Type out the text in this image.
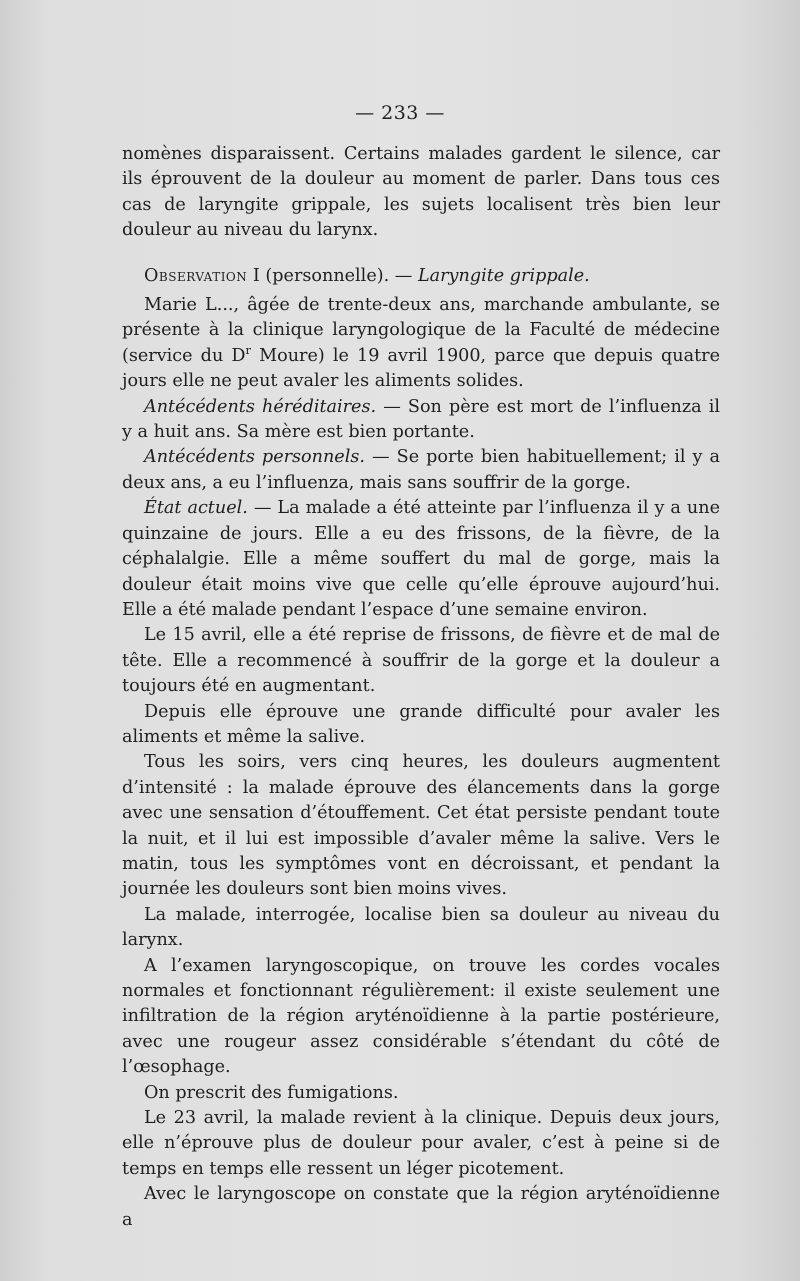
— 233 —

nomènes disparaissent. Certains malades gardent le silence, car ils éprouvent de la douleur au moment de parler. Dans tous ces cas de laryngite grippale, les sujets localisent très bien leur douleur au niveau du larynx.

Observation I (personnelle). — Laryngite grippale.

Marie L..., âgée de trente-deux ans, marchande ambulante, se présente à la clinique laryngologique de la Faculté de médecine (service du $D^r$ Moure) le 19 avril 1900, parce que depuis quatre jours elle ne peut avaler les aliments solides.

Antécédents héréditaires. — Son père est mort de l’influenza il y a huit ans. Sa mère est bien portante.

Antécédents personnels. — Se porte bien habituellement; il y a deux ans, a eu l’influenza, mais sans souffrir de la gorge.

État actuel. — La malade a été atteinte par l’influenza il y a une quinzaine de jours. Elle a eu des frissons, de la fièvre, de la céphalalgie. Elle a même souffert du mal de gorge, mais la douleur était moins vive que celle qu’elle éprouve aujourd’hui. Elle a été malade pendant l’espace d’une semaine environ.

Le 15 avril, elle a été reprise de frissons, de fièvre et de mal de tête. Elle a recommencé à souffrir de la gorge et la douleur a toujours été en augmentant.

Depuis elle éprouve une grande difficulté pour avaler les aliments et même la salive.

Tous les soirs, vers cinq heures, les douleurs augmentent d’intensité : la malade éprouve des élancements dans la gorge avec une sensation d’étouffement. Cet état persiste pendant toute la nuit, et il lui est impossible d’avaler même la salive. Vers le matin, tous les symptômes vont en décroissant, et pendant la journée les douleurs sont bien moins vives.

La malade, interrogée, localise bien sa douleur au niveau du larynx.

A l’examen laryngoscopique, on trouve les cordes vocales normales et fonctionnant régulièrement: il existe seulement une infiltration de la région aryténoïdienne à la partie postérieure, avec une rougeur assez considérable s’étendant du côté de l’œsophage.

On prescrit des fumigations.

Le 23 avril, la malade revient à la clinique. Depuis deux jours, elle n’éprouve plus de douleur pour avaler, c’est à peine si de temps en temps elle ressent un léger picotement.

Avec le laryngoscope on constate que la région aryténoïdienne a
